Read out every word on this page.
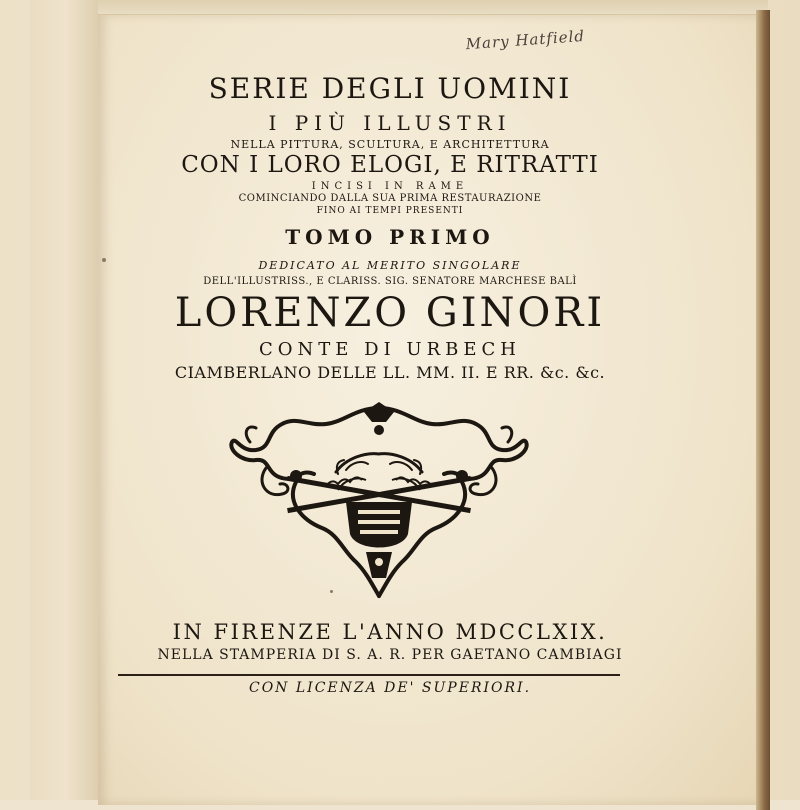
Mary Hatfield

SERIE DEGLI UOMINI

I PIÙ ILLUSTRI

NELLA PITTURA, SCULTURA, E ARCHITETTURA

CON I LORO ELOGI, E RITRATTI

INCISI IN RAME

COMINCIANDO DALLA SUA PRIMA RESTAURAZIONE

FINO AI TEMPI PRESENTI

TOMO PRIMO

DEDICATO AL MERITO SINGOLARE

DELL'ILLUSTRISS., E CLARISS. SIG. SENATORE MARCHESE BALÌ

LORENZO GINORI

CONTE DI URBECH

CIAMBERLANO DELLE LL. MM. II. E RR. &c. &c.

IN FIRENZE L'ANNO MDCCLXIX.

NELLA STAMPERIA DI S. A. R. PER GAETANO CAMBIAGI

CON LICENZA DE' SUPERIORI.
